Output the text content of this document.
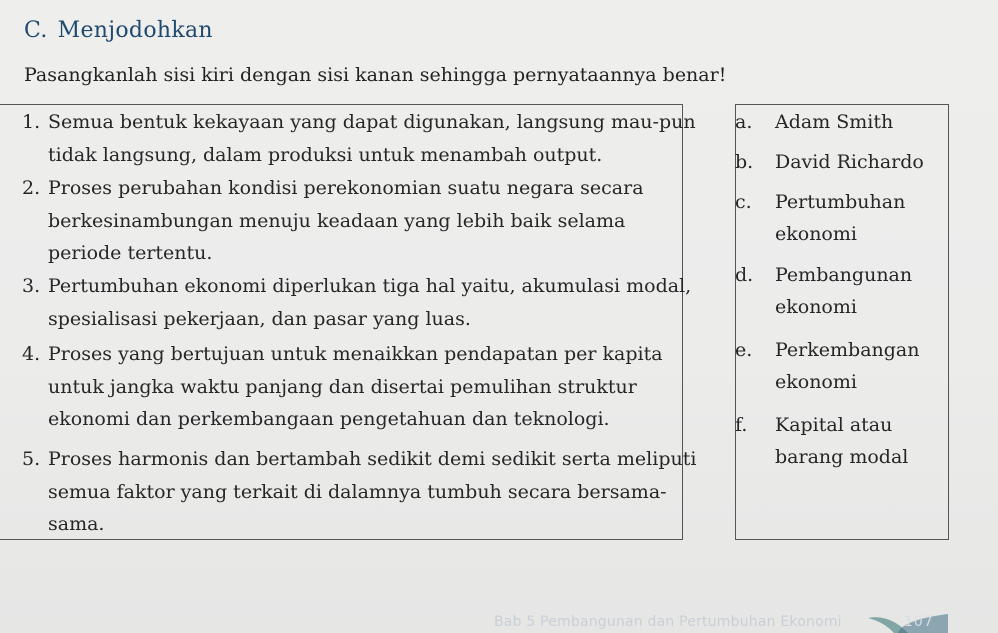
C. Menjodohkan
Pasangkanlah sisi kiri dengan sisi kanan sehingga pernyataannya benar!
1. Semua bentuk kekayaan yang dapat digunakan, langsung mau-pun tidak langsung, dalam produksi untuk menambah output.
2. Proses perubahan kondisi perekonomian suatu negara secara berkesinambungan menuju keadaan yang lebih baik selama periode tertentu.
3. Pertumbuhan ekonomi diperlukan tiga hal yaitu, akumulasi modal, spesialisasi pekerjaan, dan pasar yang luas.
4. Proses yang bertujuan untuk menaikkan pendapatan per kapita untuk jangka waktu panjang dan disertai pemulihan struktur ekonomi dan perkembangaan pengetahuan dan teknologi.
5. Proses harmonis dan bertambah sedikit demi sedikit serta meliputi semua faktor yang terkait di dalamnya tumbuh secara bersama-sama.
a. Adam Smith
b. David Richardo
c. Pertumbuhan ekonomi
d. Pembangunan ekonomi
e. Perkembangan ekonomi
f. Kapital atau barang modal
Bab 5 Pembangunan dan Pertumbuhan Ekonomi	107
